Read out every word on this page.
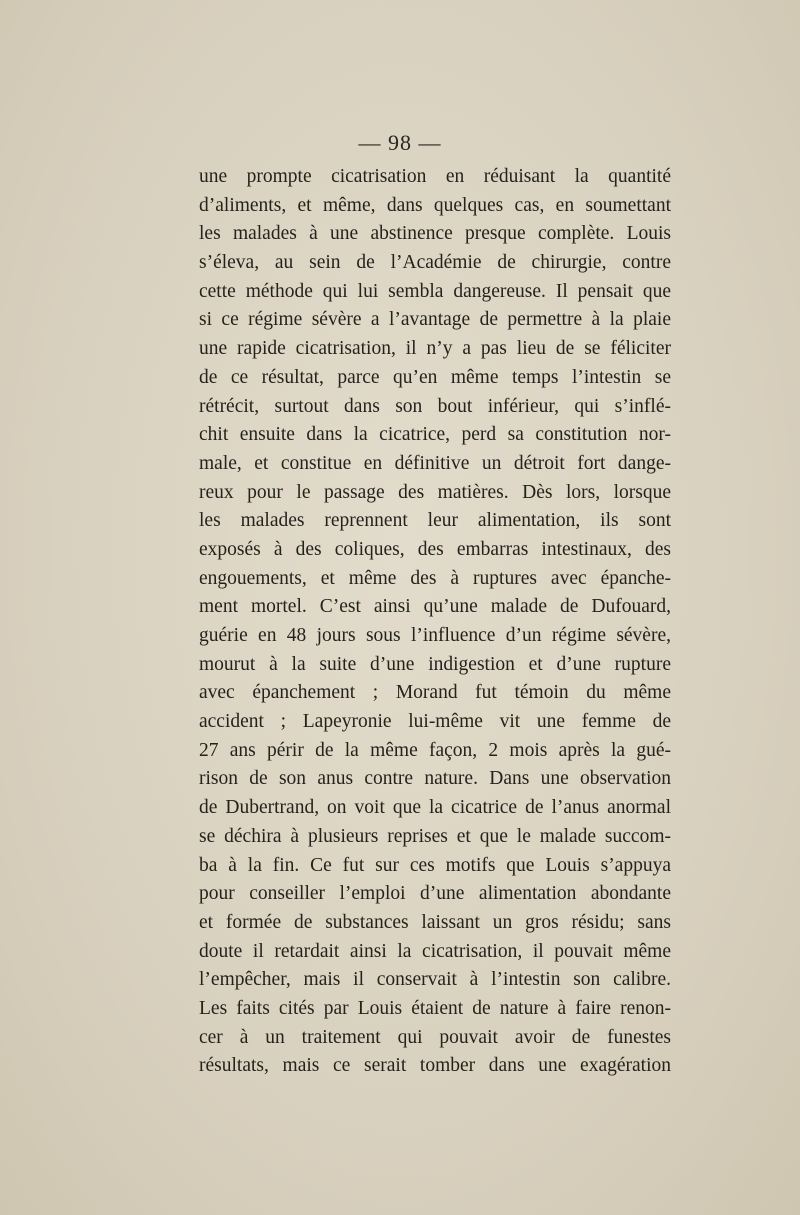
— 98 —
une prompte cicatrisation en réduisant la quantité
d’aliments, et même, dans quelques cas, en soumettant
les malades à une abstinence presque complète. Louis
s’éleva, au sein de l’Académie de chirurgie, contre
cette méthode qui lui sembla dangereuse. Il pensait que
si ce régime sévère a l’avantage de permettre à la plaie
une rapide cicatrisation, il n’y a pas lieu de se féliciter
de ce résultat, parce qu’en même temps l’intestin se
rétrécit, surtout dans son bout inférieur, qui s’inflé-
chit ensuite dans la cicatrice, perd sa constitution nor-
male, et constitue en définitive un détroit fort dange-
reux pour le passage des matières. Dès lors, lorsque
les malades reprennent leur alimentation, ils sont
exposés à des coliques, des embarras intestinaux, des
engouements, et même des à ruptures avec épanche-
ment mortel. C’est ainsi qu’une malade de Dufouard,
guérie en 48 jours sous l’influence d’un régime sévère,
mourut à la suite d’une indigestion et d’une rupture
avec épanchement ; Morand fut témoin du même
accident ; Lapeyronie lui-même vit une femme de
27 ans périr de la même façon, 2 mois après la gué-
rison de son anus contre nature. Dans une observation
de Dubertrand, on voit que la cicatrice de l’anus anormal
se déchira à plusieurs reprises et que le malade succom-
ba à la fin. Ce fut sur ces motifs que Louis s’appuya
pour conseiller l’emploi d’une alimentation abondante
et formée de substances laissant un gros résidu; sans
doute il retardait ainsi la cicatrisation, il pouvait même
l’empêcher, mais il conservait à l’intestin son calibre.
Les faits cités par Louis étaient de nature à faire renon-
cer à un traitement qui pouvait avoir de funestes
résultats, mais ce serait tomber dans une exagération
